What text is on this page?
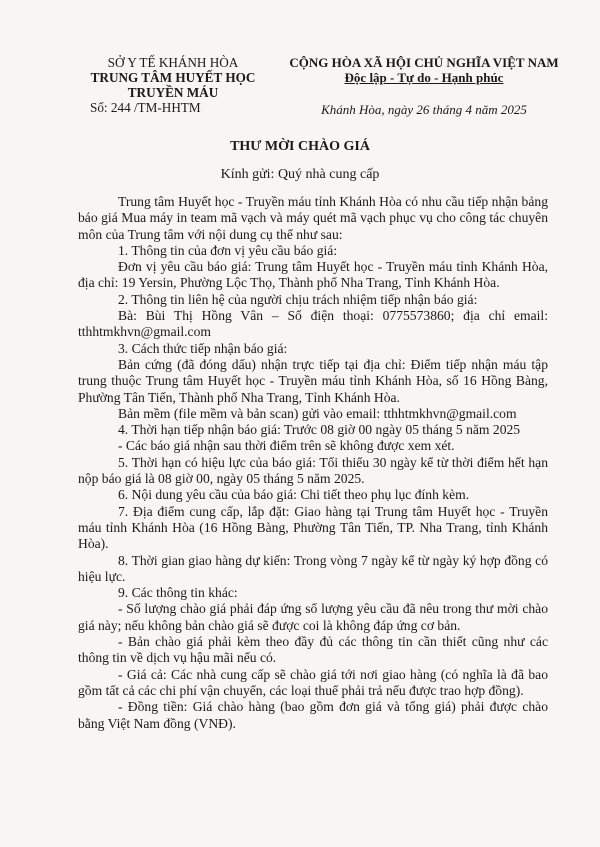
SỞ Y TẾ KHÁNH HÒA
TRUNG TÂM HUYẾT HỌC
TRUYỀN MÁU
Số: 244 /TM-HHTM
CỘNG HÒA XÃ HỘI CHỦ NGHĨA VIỆT NAM
Độc lập - Tự do - Hạnh phúc
Khánh Hòa, ngày 26 tháng 4 năm 2025
THƯ MỜI CHÀO GIÁ
Kính gửi: Quý nhà cung cấp

Trung tâm Huyết học - Truyền máu tỉnh Khánh Hòa có nhu cầu tiếp nhận bảng báo giá Mua máy in team mã vạch và máy quét mã vạch phục vụ cho công tác chuyên môn của Trung tâm với nội dung cụ thể như sau:

1. Thông tin của đơn vị yêu cầu báo giá:

Đơn vị yêu cầu báo giá: Trung tâm Huyết học - Truyền máu tỉnh Khánh Hòa, địa chỉ: 19 Yersin, Phường Lộc Thọ, Thành phố Nha Trang, Tỉnh Khánh Hòa.

2. Thông tin liên hệ của người chịu trách nhiệm tiếp nhận báo giá:

Bà: Bùi Thị Hồng Vân – Số điện thoại: 0775573860; địa chỉ email: tthhtmkhvn@gmail.com

3. Cách thức tiếp nhận báo giá:

Bản cứng (đã đóng dấu) nhận trực tiếp tại địa chỉ: Điểm tiếp nhận máu tập trung thuộc Trung tâm Huyết học - Truyền máu tỉnh Khánh Hòa, số 16 Hồng Bàng, Phường Tân Tiến, Thành phố Nha Trang, Tỉnh Khánh Hòa.

Bản mềm (file mềm và bản scan) gửi vào email: tthhtmkhvn@gmail.com

4. Thời hạn tiếp nhận báo giá: Trước 08 giờ 00 ngày 05 tháng 5 năm 2025

- Các báo giá nhận sau thời điểm trên sẽ không được xem xét.

5. Thời hạn có hiệu lực của báo giá: Tối thiểu 30 ngày kể từ thời điểm hết hạn nộp báo giá là 08 giờ 00, ngày 05 tháng 5 năm 2025.

6. Nội dung yêu cầu của báo giá: Chi tiết theo phụ lục đính kèm.

7. Địa điểm cung cấp, lắp đặt: Giao hàng tại Trung tâm Huyết học - Truyền máu tỉnh Khánh Hòa (16 Hồng Bàng, Phường Tân Tiến, TP. Nha Trang, tỉnh Khánh Hòa).

8. Thời gian giao hàng dự kiến: Trong vòng 7 ngày kể từ ngày ký hợp đồng có hiệu lực.

9. Các thông tin khác:

- Số lượng chào giá phải đáp ứng số lượng yêu cầu đã nêu trong thư mời chào giá này; nếu không bản chào giá sẽ được coi là không đáp ứng cơ bản.

- Bản chào giá phải kèm theo đầy đủ các thông tin cần thiết cũng như các thông tin về dịch vụ hậu mãi nếu có.

- Giá cả: Các nhà cung cấp sẽ chào giá tới nơi giao hàng (có nghĩa là đã bao gồm tất cả các chi phí vận chuyển, các loại thuế phải trả nếu được trao hợp đồng).

- Đồng tiền: Giá chào hàng (bao gồm đơn giá và tổng giá) phải được chào bằng Việt Nam đồng (VNĐ).
